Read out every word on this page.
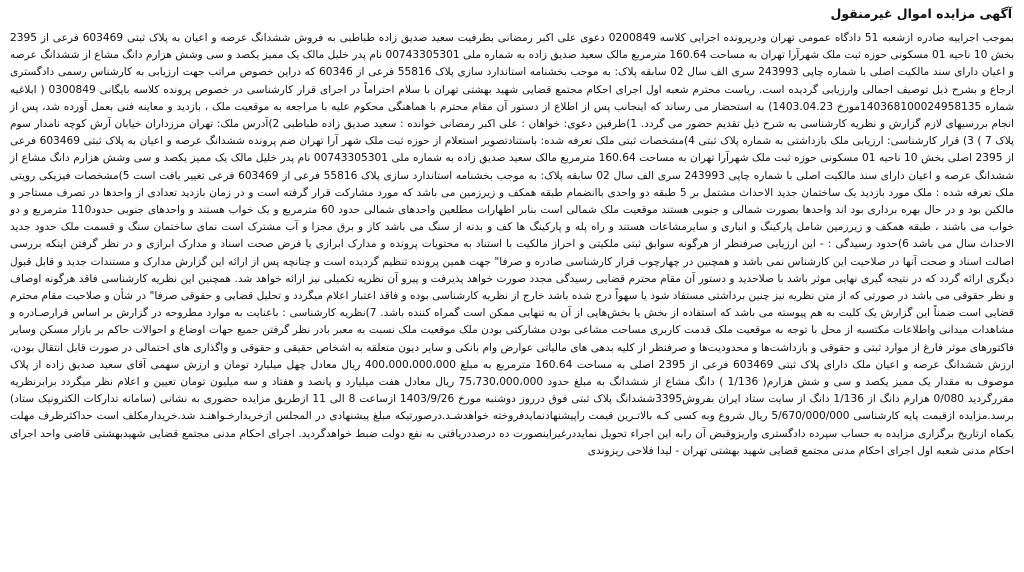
آگهی مزایده اموال غیرمنقول

بموجب اجراییه صادره ازشعبه 51 دادگاه عمومی تهران ودرپرونده اجرایی کلاسه 0200849 دعوی علی اکبر رمضانی بطرفیت سعید صدیق زاده طباطبی به فروش ششدانگ عرصه و اعیان به پلاک ثبتی 603469 فرعی از 2395 بخش 10 ناحیه 01 مسکونی حوزه ثبت ملک شهرآرا تهران به مساحت 160.64 مترمربع مالک سعید صدیق زاده به شماره ملی 00743305301 نام پدر خلیل مالک یک ممیز یکصد و سی وشش هزارم دانگ مشاع از ششدانگ عرصه و اعیان دارای سند مالکیت اصلی با شماره چاپی 243993 سری الف سال 02 سابقه پلاک: به موجب بخشنامه استاندارد سازی پلاک 55816 فرعی از 60346 که دراین خصوص مراتب جهت ارزیابی به کارشناس رسمی دادگستری ارجاع و بشرح ذیل توصیف اجمالی وارزیابی گردیده است. ریاست محترم شعبه اول اجرای احکام مجتمع قضایی شهید بهشتی تهران با سلام احتراماً در اجرای قرار کارشناسی در خصوص پرونده کلاسه بایگانی 0300849 ( ابلاغیه شماره 140368100024958135مورخ 1403.04.23) به استحضار می رساند که اینجانب پس از اطلاع از دستور آن مقام محترم با هماهنگی محکوم علیه با مراجعه به موقعیت ملک ، بازدید و معاینه فنی بعمل آورده شد، پس از انجام بررسیهای لازم گزارش و نظریه کارشناسی به شرح ذیل تقدیم حضور می گردد. 1)طرفین دعوی: خواهان : علی اکبر رمضانی خوانده : سعید صدیق زاده طباطبی 2)آدرس ملک: تهران مرزداران خیابان آرش کوچه نامدار سوم پلاک 7 ) 3) قرار کارشناسی: ارزیابی ملک بازداشتی به شماره پلاک ثبتی 4)مشخصات ثبتی ملک تعرفه شده: باستنادتصویر استعلام از حوزه ثبت ملک شهر آرا تهران ضم پرونده ششدانگ عرصه و اعیان به پلاک ثبتی 603469 فرعی از 2395 اصلی بخش 10 ناحیه 01 مسکونی حوزه ثبت ملک شهرآرا تهران به مساحت 160.64 مترمربع مالک سعید صدیق زاده به شماره ملی 00743305301 نام پدر خلیل مالک یک ممیز یکصد و سی وشش هزارم دانگ مشاع از ششدانگ عرصه و اعیان دارای سند مالکیت اصلی با شماره چاپی 243993 سری الف سال 02 سابقه پلاک: به موجب بخشنامه استاندارد سازی پلاک 55816 فرعی از 603469 فرعی تغییر یافت است 5)مشخصات فیزیکی رویتی ملک تعرفه شده : ملک مورد بازدید یک ساختمان جدید الاحداث مشتمل بر 5 طبقه دو واحدی باانضمام طبقه همکف و زیرزمین می باشد که مورد مشارکت قرار گرفته است و در زمان بازدید تعدادی از واحدها در تصرف مستاجر و مالکین بود و در حال بهره برداری بود اند واحدها بصورت شمالی و جنوبی هستند موقعیت ملک شمالی است بنابر اظهارات مطلعین واحدهای شمالی حدود 60 مترمربع و یک خواب هستند و واحدهای جنوبی حدود110 مترمربع و دو خواب می باشند ، طبقه همکف و زیرزمین شامل پارکینگ و انباری و سایرمشاعات هستند و راه پله و پارکینگ ها کف و بدنه از سنگ می باشد کاز و برق مجزا و آب مشترک است نمای ساختمان سنگ و قسمت ملک حدود جدید الاحداث سال می باشد 6)حدود رسیدگی : - این ارزیابی صرفنظر از هرگونه سوابق ثبتی ملکیتی و احراز مالکیت با استناد به محتویات پرونده و مدارک ابرازی یا فرض صحت اسناد و مدارک ابرازی و در نظر گرفتن اینکه بررسی اصالت اسناد و صحت آنها در صلاحیت این کارشناس نمی باشد و همچنین در چهارچوب قرار کارشناسی صادره و صرفا" جهت همین پرونده تنظیم گردیده است و چنانچه پس از ارائه این گزارش مدارک و مستندات جدید و قابل قبول دیگری ارائه گردد که در نتیجه گیری نهایی موثر باشد با صلاحدید و دستور آن مقام محترم قضایی رسیدگی مجدد صورت خواهد پذیرفت و پیرو آن نظریه تکمیلی نیز ارائه خواهد شد. همچنین این نظریه کارشناسی فاقد هرگونه اوصاف و نظر حقوقی می باشد در صورتی که از متن نظریه نیز چنین برداشتی مستفاد شود یا سهواً درج شده باشد خارج از نظریه کارشناسی بوده و فاقد اعتبار اعلام میگردد و تحلیل قضایی و حقوقی صرفا" در شأن و صلاحیت مقام محترم قضایی است ضمناً این گزارش یک کلیت به هم پیوسته می باشد که استفاده از بخش یا بخش‌هایی از آن به تنهایی ممکن است گمراه کننده باشد. 7)نظریه کارشناسی : باعنایت به موارد مطروحه در گزارش بر اساس قرارصـادره و مشاهدات میدانی واطلاعات مکتسبه از محل با توجه به موقعیت ملک قدمت کاربری مساحت مشاعی بودن مشارکتی بودن ملک موقعیت ملک نسبت به معبر بادر نظر گرفتن جمیع جهات اوضاع و احوالات حاکم بر بازار مسکن وسایر فاکتورهای موثر فارغ از موارد ثبتی و حقوقی و بازداشت‌ها و محدودیت‌ها و صرفنظر از کلیه بدهی های مالیاتی عوارض وام بانکی و سایر دیون متعلقه به اشخاص حقیقی و حقوقی و واگذاری های احتمالی در صورت قابل انتقال بودن، ارزش ششدانگ عرصه و اعیان ملک دارای پلاک ثبتی 603469 فرعی از 2395 اصلی به مساحت 160.64 مترمربع به مبلغ 400،000،000،000 ریال معادل چهل میلیارد تومان و ارزش سهمی آقای سعید صدیق زاده از پلاک موصوف به مقدار یک ممیز یکصد و سی و شش هزارم( 1/136 ) دانگ مشاع از ششدانگ به مبلغ حدود 75،730،000،000 ریال معادل هفت میلیارد و پانصد و هفتاد و سه میلیون تومان تعیین و اعلام نظر میگردد برابرنظریه مقررگردید 0/080 هزارم دانگ از 1/136 دانگ از سایت ستاد ایران بفروش3395ششدانگ پلاک ثبتی فوق درروز دوشنبه مورخ 1403/9/26 ازساعت 8 الی 11 ازطریق مزایده حضوری به نشانی (سامانه تدارکات الکترونیک ستاد) برسد.مزایده ازقیمت پایه کارشناسی 5/670/000/000 ریال شروع وبه کسی کـه بالاتـرین قیمت راپیشنهادنمایدفروخته خواهدشـد.درصورتیکه مبلغ پیشنهادی در المجلس ازخریدارخـواهنـد شد.خریدارمکلف است حداکثرظرف مهلت یکماه ازتاریخ برگزاری مزایده به حساب سپرده دادگستری واریزوقبض آن رابه این اجراء تحویل نمایددرغیراینصورت ده درصددریافتی به نفع دولت ضبط خواهدگردید. اجرای احکام مدنی مجتمع قضایی شهیدبهشتی قاضی واحد اجرای احکام مدنی شعبه اول اجرای احکام مدنی مجتمع قضایی شهید بهشتی تهران - لیدا فلاحی ریزوندی
